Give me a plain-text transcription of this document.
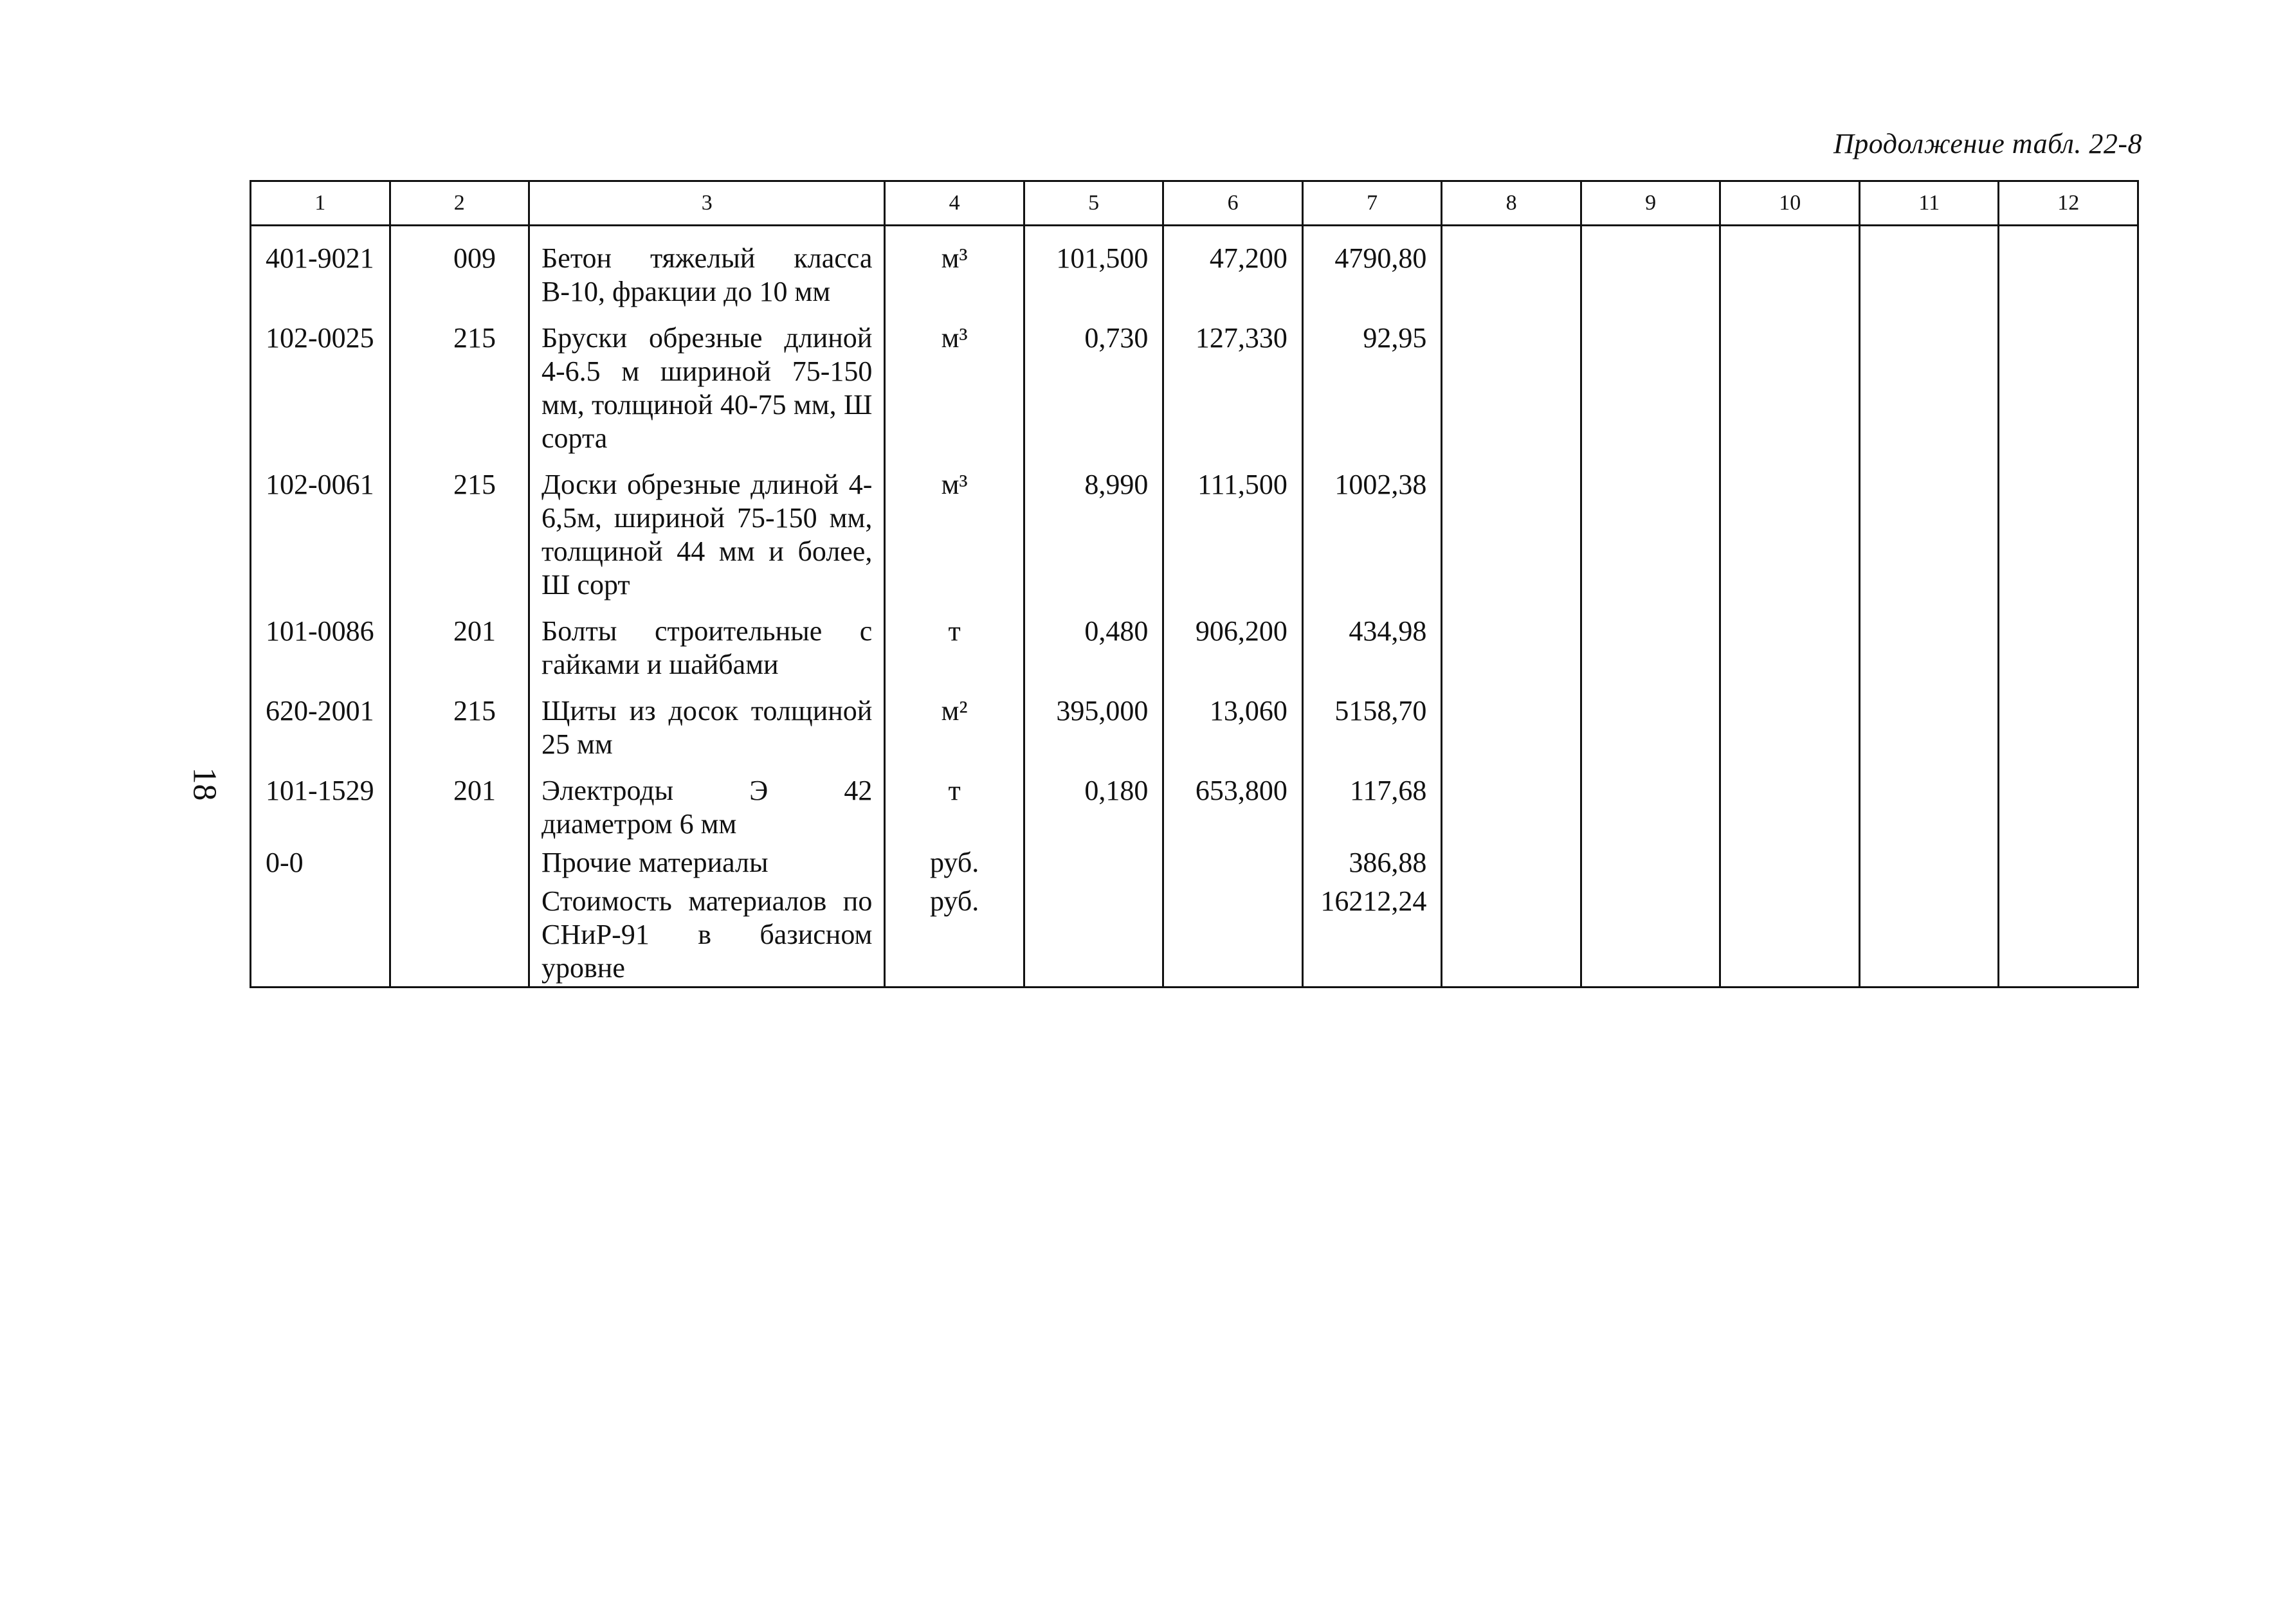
Продолжение табл. 22-8
18
1	2	3	4	5	6	7	8	9	10	11	12
401-9021	009	Бетон тяжелый класса В-10, фракции до 10 мм	м³	101,500	47,200	4790,80					
102-0025	215	Бруски обрезные длиной 4-6.5 м шириной 75-150 мм, толщиной 40-75 мм, Ш сорта	м³	0,730	127,330	92,95					
102-0061	215	Доски обрезные длиной 4-6,5м, шириной 75-150 мм, толщиной 44 мм и более, Ш сорт	м³	8,990	111,500	1002,38					
101-0086	201	Болты строительные с гайками и шайбами	т	0,480	906,200	434,98					
620-2001	215	Щиты из досок толщиной 25 мм	м²	395,000	13,060	5158,70					
101-1529	201	Электроды Э 42 диаметром 6 мм	т	0,180	653,800	117,68					
0-0		Прочие материалы	руб.			386,88					
		Стоимость материалов по СНиР-91 в базисном уровне	руб.			16212,24					
